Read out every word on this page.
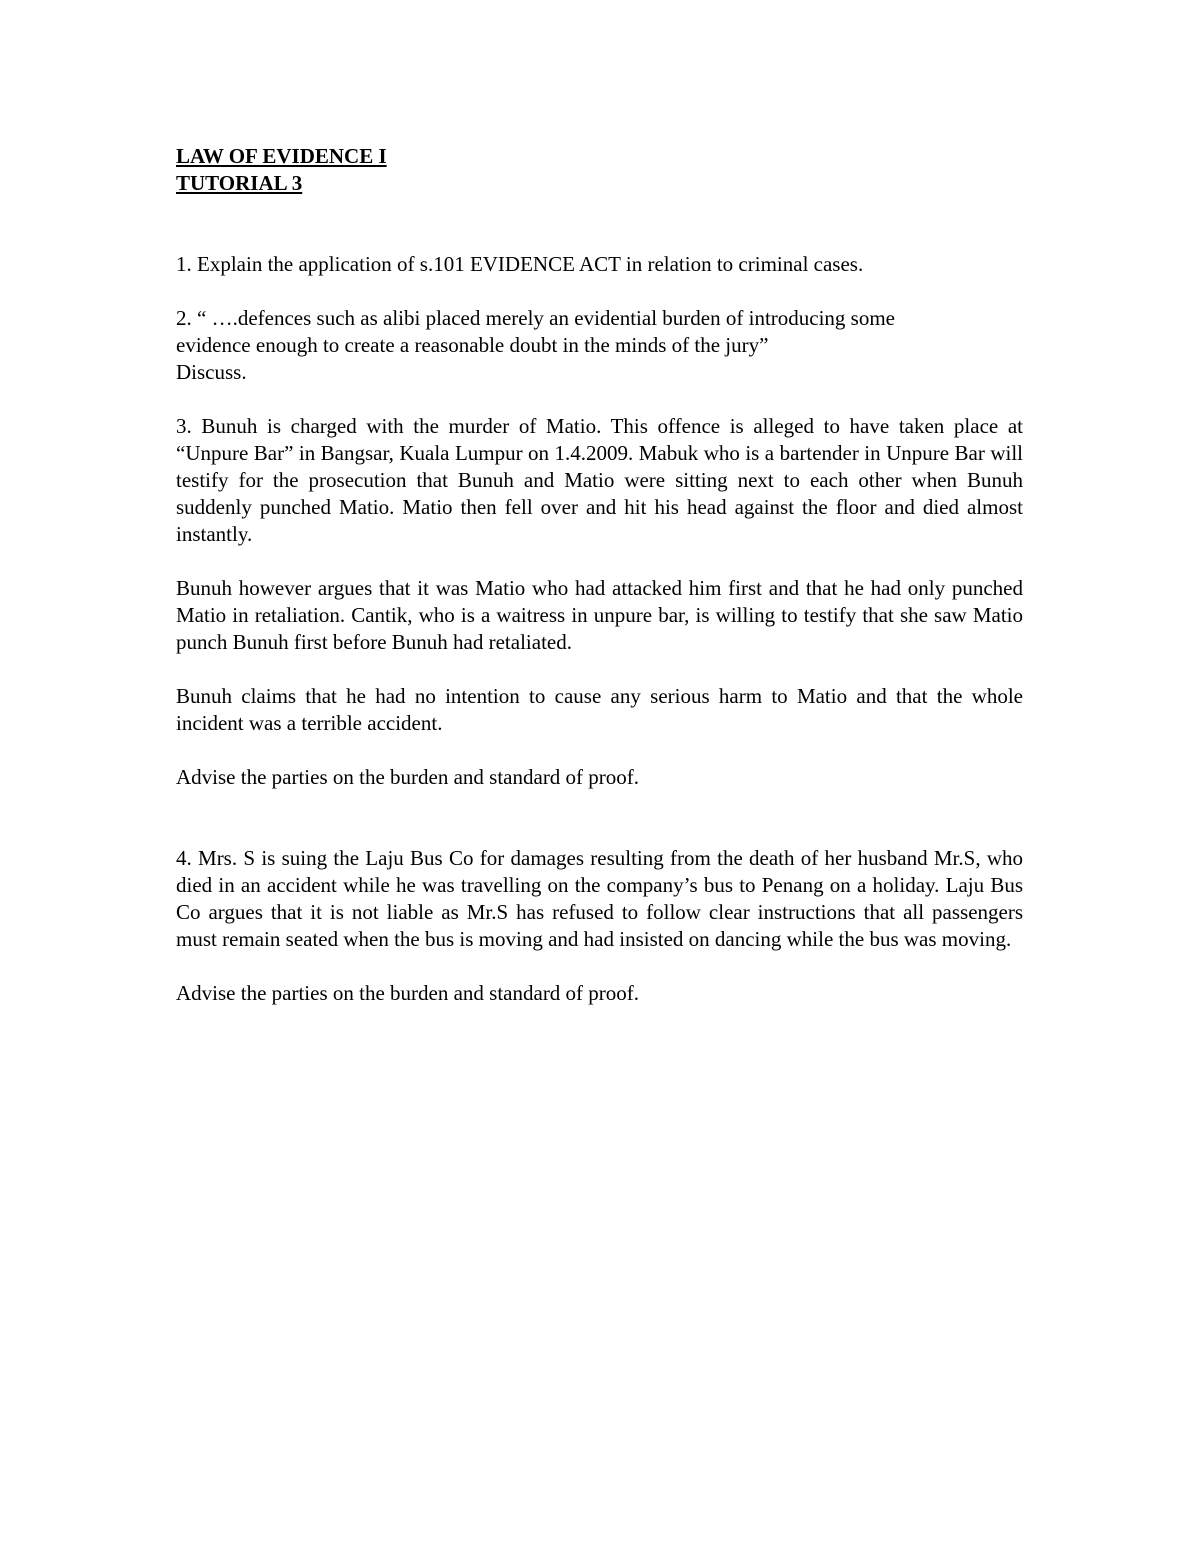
LAW OF EVIDENCE I

TUTORIAL 3

1. Explain the application of s.101 EVIDENCE ACT in relation to criminal cases.

2. “ ….defences such as alibi placed merely an evidential burden of introducing some

evidence enough to create a reasonable doubt in the minds of the jury”

Discuss.

3. Bunuh is charged with the murder of Matio. This offence is alleged to have taken place at “Unpure Bar” in Bangsar, Kuala Lumpur on 1.4.2009. Mabuk who is a bartender in Unpure Bar will testify for the prosecution that Bunuh and Matio were sitting next to each other when Bunuh suddenly punched Matio. Matio then fell over and hit his head against the floor and died almost instantly.

Bunuh however argues that it was Matio who had attacked him first and that he had only punched Matio in retaliation. Cantik, who is a waitress in unpure bar, is willing to testify that she saw Matio punch Bunuh first before Bunuh had retaliated.

Bunuh claims that he had no intention to cause any serious harm to Matio and that the whole incident was a terrible accident.

Advise the parties on the burden and standard of proof.

4. Mrs. S is suing the Laju Bus Co for damages resulting from the death of her husband Mr.S, who died in an accident while he was travelling on the company’s bus to Penang on a holiday. Laju Bus Co argues that it is not liable as Mr.S has refused to follow clear instructions that all passengers must remain seated when the bus is moving and had insisted on dancing while the bus was moving.

Advise the parties on the burden and standard of proof.
